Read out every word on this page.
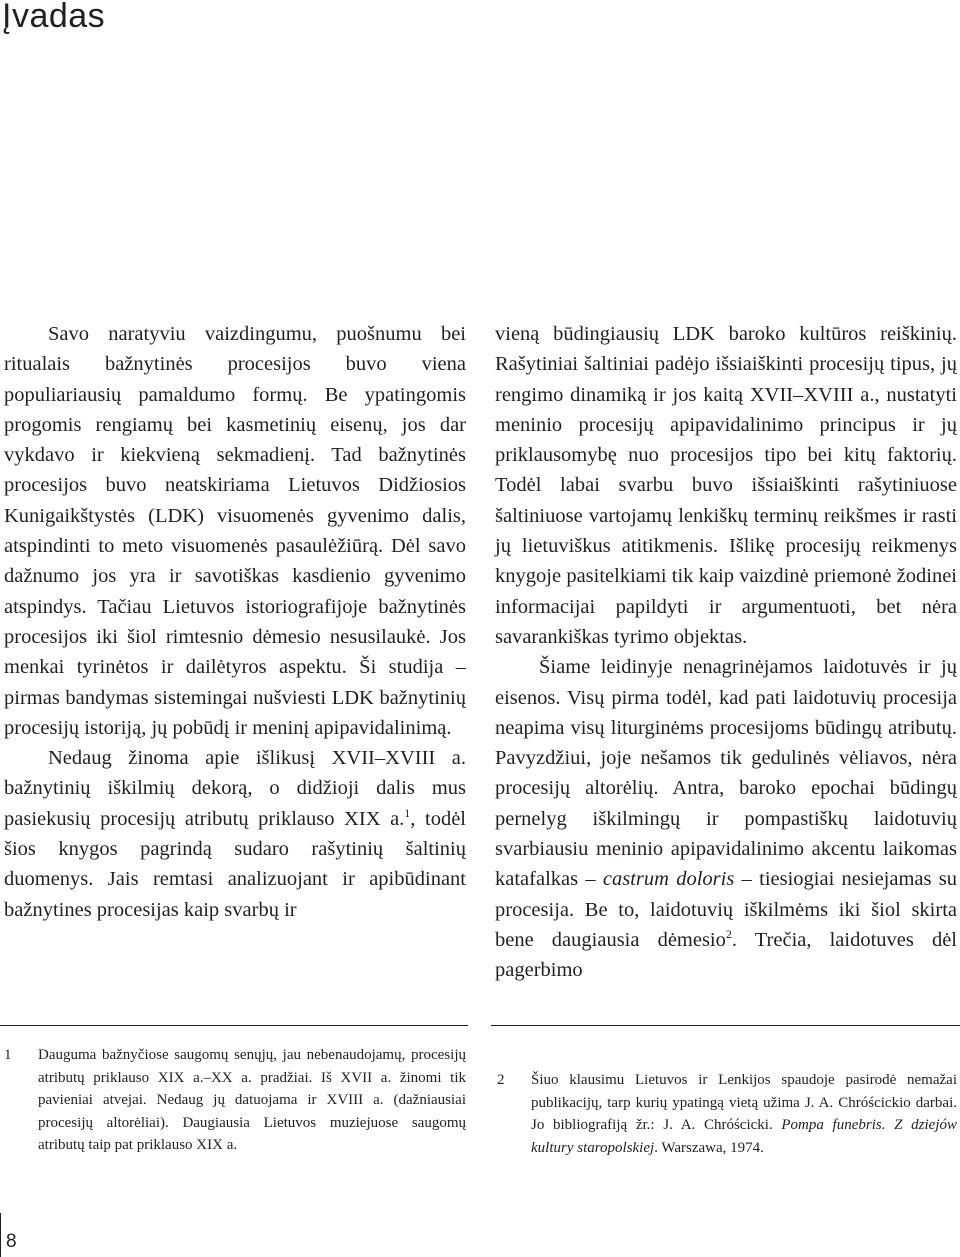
Įvadas

Savo naratyviu vaizdingumu, puošnumu bei ritualais bažnytinės procesijos buvo viena populiariausių pamaldumo formų. Be ypatingomis progomis rengiamų bei kasmetinių eisenų, jos dar vykdavo ir kiekvieną sekmadienį. Tad bažnytinės procesijos buvo neatskiriama Lietuvos Didžiosios Kunigaikštystės (LDK) visuomenės gyvenimo dalis, atspindinti to meto visuomenės pasaulėžiūrą. Dėl savo dažnumo jos yra ir savotiškas kasdienio gyvenimo atspindys. Tačiau Lietuvos istoriografijoje bažnytinės procesijos iki šiol rimtesnio dėmesio nesusilaukė. Jos menkai tyrinėtos ir dailėtyros aspektu. Ši studija – pirmas bandymas sistemingai nušviesti LDK bažnytinių procesijų istoriją, jų pobūdį ir meninį apipavidalinimą.

Nedaug žinoma apie išlikusį XVII–XVIII a. bažnytinių iškilmių dekorą, o didžioji dalis mus pasiekusių procesijų atributų priklauso XIX a.$^1$, todėl šios knygos pagrindą sudaro rašytinių šaltinių duomenys. Jais remtasi analizuojant ir apibūdinant bažnytines procesijas kaip svarbų ir

vieną būdingiausių LDK baroko kultūros reiškinių. Rašytiniai šaltiniai padėjo išsiaiškinti procesijų tipus, jų rengimo dinamiką ir jos kaitą XVII–XVIII a., nustatyti meninio procesijų apipavidalinimo principus ir jų priklausomybę nuo procesijos tipo bei kitų faktorių. Todėl labai svarbu buvo išsiaiškinti rašytiniuose šaltiniuose vartojamų lenkiškų terminų reikšmes ir rasti jų lietuviškus atitikmenis. Išlikę procesijų reikmenys knygoje pasitelkiami tik kaip vaizdinė priemonė žodinei informacijai papildyti ir argumentuoti, bet nėra savarankiškas tyrimo objektas.

Šiame leidinyje nenagrinėjamos laidotuvės ir jų eisenos. Visų pirma todėl, kad pati laidotuvių procesija neapima visų liturginėms procesijoms būdingų atributų. Pavyzdžiui, joje nešamos tik gedulinės vėliavos, nėra procesijų altorėlių. Antra, baroko epochai būdingų pernelyg iškilmingų ir pompastiškų laidotuvių svarbiausiu meninio apipavidalinimo akcentu laikomas katafalkas – castrum doloris – tiesiogiai nesiejamas su procesija. Be to, laidotuvių iškilmėms iki šiol skirta bene daugiausia dėmesio$^2$. Trečia, laidotuves dėl pagerbimo

1 Dauguma bažnyčiose saugomų senųjų, jau nebenaudojamų, procesijų atributų priklauso XIX a.–XX a. pradžiai. Iš XVII a. žinomi tik pavieniai atvejai. Nedaug jų datuojama ir XVIII a. (dažniausiai procesijų altorėliai). Daugiausia Lietuvos muziejuose saugomų atributų taip pat priklauso XIX a.

2 Šiuo klausimu Lietuvos ir Lenkijos spaudoje pasirodė nemažai publikacijų, tarp kurių ypatingą vietą užima J. A. Chróścickio darbai. Jo bibliografiją žr.: J. A. Chróścicki. Pompa funebris. Z dziejów kultury staropolskiej. Warszawa, 1974.

8
